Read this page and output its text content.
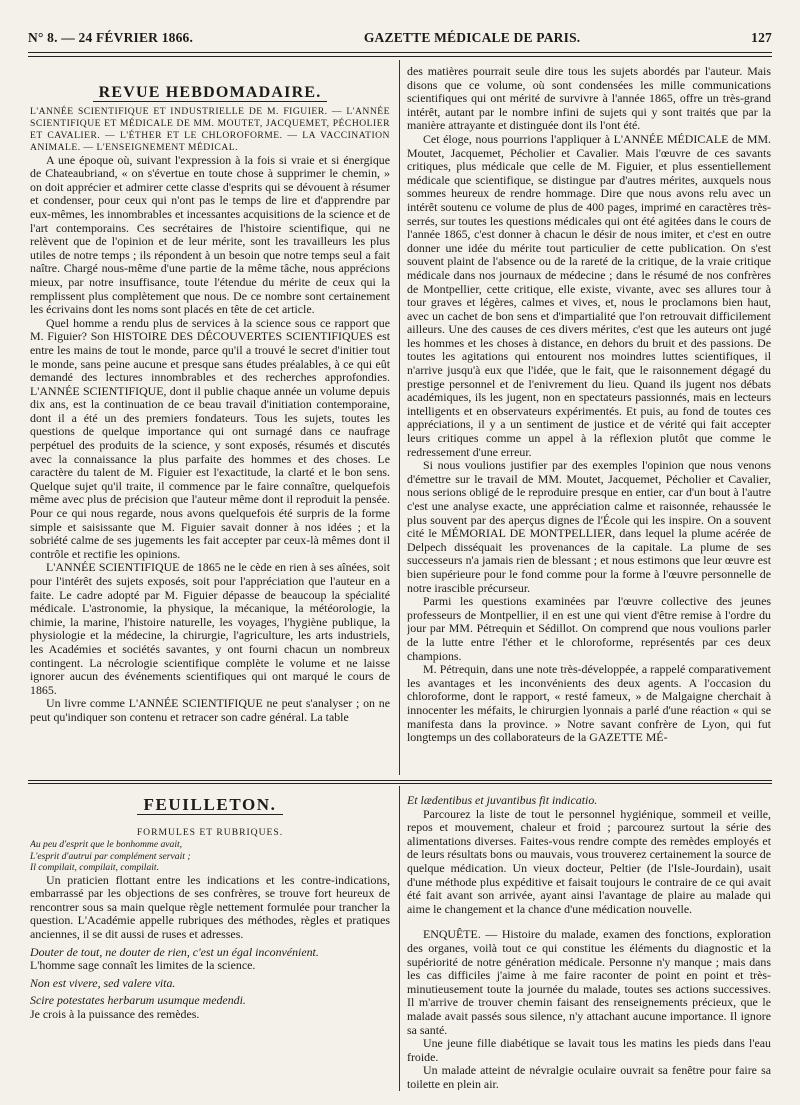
N° 8. — 24 FÉVRIER 1866.	GAZETTE MÉDICALE DE PARIS.	127
REVUE HEBDOMADAIRE.

L'ANNÉE SCIENTIFIQUE ET INDUSTRIELLE DE M. FIGUIER. — L'ANNÉE SCIENTIFIQUE ET MÉDICALE DE MM. MOUTET, JACQUEMET, PÉCHOLIER ET CAVALIER. — L'ÉTHER ET LE CHLOROFORME. — LA VACCINATION ANIMALE. — L'ENSEIGNEMENT MÉDICAL.

A une époque où, suivant l'expression à la fois si vraie et si énergique de Chateaubriand, « on s'évertue en toute chose à supprimer le chemin, » on doit apprécier et admirer cette classe d'esprits qui se dévouent à résumer et condenser, pour ceux qui n'ont pas le temps de lire et d'apprendre par eux-mêmes, les innombrables et incessantes acquisitions de la science et de l'art contemporains. Ces secrétaires de l'histoire scientifique, qui ne relèvent que de l'opinion et de leur mérite, sont les travailleurs les plus utiles de notre temps ; ils répondent à un besoin que notre temps seul a fait naître. Chargé nous-même d'une partie de la même tâche, nous apprécions mieux, par notre insuffisance, toute l'étendue du mérite de ceux qui la remplissent plus complètement que nous. De ce nombre sont certainement les écrivains dont les noms sont placés en tête de cet article.

Quel homme a rendu plus de services à la science sous ce rapport que M. Figuier? Son HISTOIRE DES DÉCOUVERTES SCIENTIFIQUES est entre les mains de tout le monde, parce qu'il a trouvé le secret d'initier tout le monde, sans peine aucune et presque sans études préalables, à ce qui eût demandé des lectures innombrables et des recherches approfondies. L'ANNÉE SCIENTIFIQUE, dont il publie chaque année un volume depuis dix ans, est la continuation de ce beau travail d'initiation contemporaine, dont il a été un des premiers fondateurs. Tous les sujets, toutes les questions de quelque importance qui ont surnagé dans ce naufrage perpétuel des produits de la science, y sont exposés, résumés et discutés avec la connaissance la plus parfaite des hommes et des choses. Le caractère du talent de M. Figuier est l'exactitude, la clarté et le bon sens. Quelque sujet qu'il traite, il commence par le faire connaître, quelquefois même avec plus de précision que l'auteur même dont il reproduit la pensée. Pour ce qui nous regarde, nous avons quelquefois été surpris de la forme simple et saisissante que M. Figuier savait donner à nos idées ; et la sobriété calme de ses jugements les fait accepter par ceux-là mêmes dont il contrôle et rectifie les opinions.

L'ANNÉE SCIENTIFIQUE de 1865 ne le cède en rien à ses aînées, soit pour l'intérêt des sujets exposés, soit pour l'appréciation que l'auteur en a faite. Le cadre adopté par M. Figuier dépasse de beaucoup la spécialité médicale. L'astronomie, la physique, la mécanique, la météorologie, la chimie, la marine, l'histoire naturelle, les voyages, l'hygiène publique, la physiologie et la médecine, la chirurgie, l'agriculture, les arts industriels, les Académies et sociétés savantes, y ont fourni chacun un nombreux contingent. La nécrologie scientifique complète le volume et ne laisse ignorer aucun des événements scientifiques qui ont marqué le cours de 1865.

Un livre comme L'ANNÉE SCIENTIFIQUE ne peut s'analyser ; on ne peut qu'indiquer son contenu et retracer son cadre général. La table

des matières pourrait seule dire tous les sujets abordés par l'auteur. Mais disons que ce volume, où sont condensées les mille communications scientifiques qui ont mérité de survivre à l'année 1865, offre un très-grand intérêt, autant par le nombre infini de sujets qui y sont traités que par la manière attrayante et distinguée dont ils l'ont été.

Cet éloge, nous pourrions l'appliquer à L'ANNÉE MÉDICALE de MM. Moutet, Jacquemet, Pécholier et Cavalier. Mais l'œuvre de ces savants critiques, plus médicale que celle de M. Figuier, et plus essentiellement médicale que scientifique, se distingue par d'autres mérites, auxquels nous sommes heureux de rendre hommage. Dire que nous avons relu avec un intérêt soutenu ce volume de plus de 400 pages, imprimé en caractères très-serrés, sur toutes les questions médicales qui ont été agitées dans le cours de l'année 1865, c'est donner à chacun le désir de nous imiter, et c'est en outre donner une idée du mérite tout particulier de cette publication. On s'est souvent plaint de l'absence ou de la rareté de la critique, de la vraie critique médicale dans nos journaux de médecine ; dans le résumé de nos confrères de Montpellier, cette critique, elle existe, vivante, avec ses allures tour à tour graves et légères, calmes et vives, et, nous le proclamons bien haut, avec un cachet de bon sens et d'impartialité que l'on retrouvait difficilement ailleurs. Une des causes de ces divers mérites, c'est que les auteurs ont jugé les hommes et les choses à distance, en dehors du bruit et des passions. De toutes les agitations qui entourent nos moindres luttes scientifiques, il n'arrive jusqu'à eux que l'idée, que le fait, que le raisonnement dégagé du prestige personnel et de l'enivrement du lieu. Quand ils jugent nos débats académiques, ils les jugent, non en spectateurs passionnés, mais en lecteurs intelligents et en observateurs expérimentés. Et puis, au fond de toutes ces appréciations, il y a un sentiment de justice et de vérité qui fait accepter leurs critiques comme un appel à la réflexion plutôt que comme le redressement d'une erreur.

Si nous voulions justifier par des exemples l'opinion que nous venons d'émettre sur le travail de MM. Moutet, Jacquemet, Pécholier et Cavalier, nous serions obligé de le reproduire presque en entier, car d'un bout à l'autre c'est une analyse exacte, une appréciation calme et raisonnée, rehaussée le plus souvent par des aperçus dignes de l'École qui les inspire. On a souvent cité le MÉMORIAL DE MONTPELLIER, dans lequel la plume acérée de Delpech disséquait les provenances de la capitale. La plume de ses successeurs n'a jamais rien de blessant ; et nous estimons que leur œuvre est bien supérieure pour le fond comme pour la forme à l'œuvre personnelle de notre irascible précurseur.

Parmi les questions examinées par l'œuvre collective des jeunes professeurs de Montpellier, il en est une qui vient d'être remise à l'ordre du jour par MM. Pétrequin et Sédillot. On comprend que nous voulions parler de la lutte entre l'éther et le chloroforme, représentés par ces deux champions.

M. Pétrequin, dans une note très-développée, a rappelé comparativement les avantages et les inconvénients des deux agents. A l'occasion du chloroforme, dont le rapport, « resté fameux, » de Malgaigne cherchait à innocenter les méfaits, le chirurgien lyonnais a parlé d'une réaction « qui se manifesta dans la province. » Notre savant confrère de Lyon, qui fut longtemps un des collaborateurs de la GAZETTE MÉ-

FEUILLETON.

FORMULES ET RUBRIQUES.

Au peu d'esprit que le bonhomme avait,

L'esprit d'autrui par complément servait ;

Il compilait, compilait, compilait.

Un praticien flottant entre les indications et les contre-indications, embarrassé par les objections de ses confrères, se trouve fort heureux de rencontrer sous sa main quelque règle nettement formulée pour trancher la question. L'Académie appelle rubriques des méthodes, règles et pratiques anciennes, il se dit aussi de ruses et adresses.

Douter de tout, ne douter de rien, c'est un égal inconvénient.

L'homme sage connaît les limites de la science.

Non est vivere, sed valere vita.

Scire potestates herbarum usumque medendi.

Je crois à la puissance des remèdes.

Et lædentibus et juvantibus fit indicatio.

Parcourez la liste de tout le personnel hygiénique, sommeil et veille, repos et mouvement, chaleur et froid ; parcourez surtout la série des alimentations diverses. Faites-vous rendre compte des remèdes employés et de leurs résultats bons ou mauvais, vous trouverez certainement la source de quelque médication. Un vieux docteur, Peltier (de l'Isle-Jourdain), usait d'une méthode plus expéditive et faisait toujours le contraire de ce qui avait été fait avant son arrivée, ayant ainsi l'avantage de plaire au malade qui aime le changement et la chance d'une médication nouvelle.

ENQUÊTE. — Histoire du malade, examen des fonctions, exploration des organes, voilà tout ce qui constitue les éléments du diagnostic et la supériorité de notre génération médicale. Personne n'y manque ; mais dans les cas difficiles j'aime à me faire raconter de point en point et très-minutieusement toute la journée du malade, toutes ses actions successives. Il m'arrive de trouver chemin faisant des renseignements précieux, que le malade avait passés sous silence, n'y attachant aucune importance. Il ignore sa santé.

Une jeune fille diabétique se lavait tous les matins les pieds dans l'eau froide.

Un malade atteint de névralgie oculaire ouvrait sa fenêtre pour faire sa toilette en plein air.
